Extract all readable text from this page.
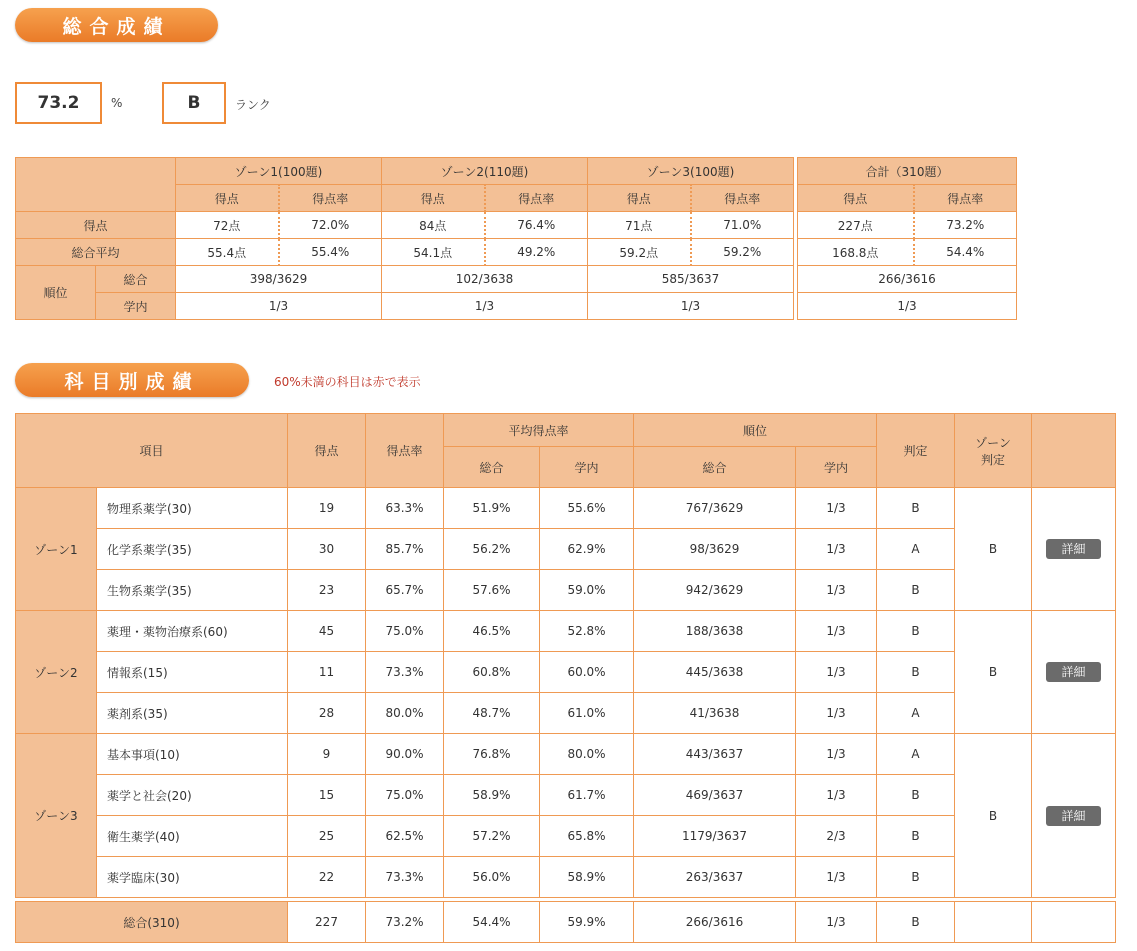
総合成績
73.2	%	B	ランク
		ゾーン1(100題)		ゾーン2(110題)		ゾーン3(100題)			合計（310題）	
		得点	得点率	得点	得点率	得点	得点率		得点	得点率
得点		72点	72.0%	84点	76.4%	71点	71.0%		227点	73.2%
総合平均		55.4点	55.4%	54.1点	49.2%	59.2点	59.2%		168.8点	54.4%
順位	総合	398/3629		102/3638		585/3637			266/3616	
	学内	1/3		1/3		1/3			1/3	
科目別成績	60%未満の科目は赤で表示
項目		得点	得点率	平均得点率		順位		判定	ゾーン
判定	
				総合	学内	総合	学内			
ゾーン1	物理系薬学(30)	19	63.3%	51.9%	55.6%	767/3629	1/3	B	B	詳細
	化学系薬学(35)	30	85.7%	56.2%	62.9%	98/3629	1/3	A		
	生物系薬学(35)	23	65.7%	57.6%	59.0%	942/3629	1/3	B		
ゾーン2	薬理・薬物治療系(60)	45	75.0%	46.5%	52.8%	188/3638	1/3	B	B	詳細
	情報系(15)	11	73.3%	60.8%	60.0%	445/3638	1/3	B		
	薬剤系(35)	28	80.0%	48.7%	61.0%	41/3638	1/3	A		
ゾーン3	基本事項(10)	9	90.0%	76.8%	80.0%	443/3637	1/3	A	B	詳細
	薬学と社会(20)	15	75.0%	58.9%	61.7%	469/3637	1/3	B		
	衛生薬学(40)	25	62.5%	57.2%	65.8%	1179/3637	2/3	B		
	薬学臨床(30)	22	73.3%	56.0%	58.9%	263/3637	1/3	B		

総合(310)		227	73.2%	54.4%	59.9%	266/3616	1/3	B		
